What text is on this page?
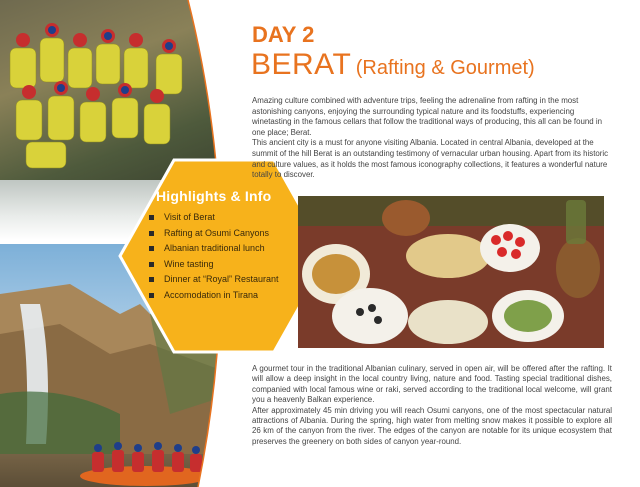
Highlights & Info
Visit of Berat
Rafting at Osumi Canyons
Albanian traditional lunch
Wine tasting
Dinner at “Royal” Restaurant
Accomodation in Tirana
DAY 2
BERAT (Rafting & Gourmet)

Amazing culture combined with adventure trips, feeling the adrenaline from rafting in the most astonishing canyons, enjoying the surrounding typical nature and its foodstuffs, experiencing winetasting in the famous cellars that follow the traditional ways of producing, this all can be found in one place; Berat.

This ancient city is a must for anyone visiting Albania. Located in central Albania, developed at the summit of the hill Berat is an outstanding testimony of vernacular urban housing. Apart from its historic and culture values, as it holds the most famous iconography collections, it features a wonderful nature totally to discover.

A gourmet tour in the traditional Albanian culinary, served in open air, will be offered after the rafting. It will allow a deep insight in the local country living, nature and food. Tasting special traditional dishes, companied with local famous wine or raki, served according to the traditional local welcome, will grant you a heavenly Balkan experience.

After approximately 45 min driving you will reach Osumi canyons, one of the most spectacular natural attractions of Albania. During the spring, high water from melting snow makes it possible to explore all 26 km of the canyon from the river. The edges of the canyon are notable for its unique ecosystem that preserves the greenery on both sides of canyon year-round.
